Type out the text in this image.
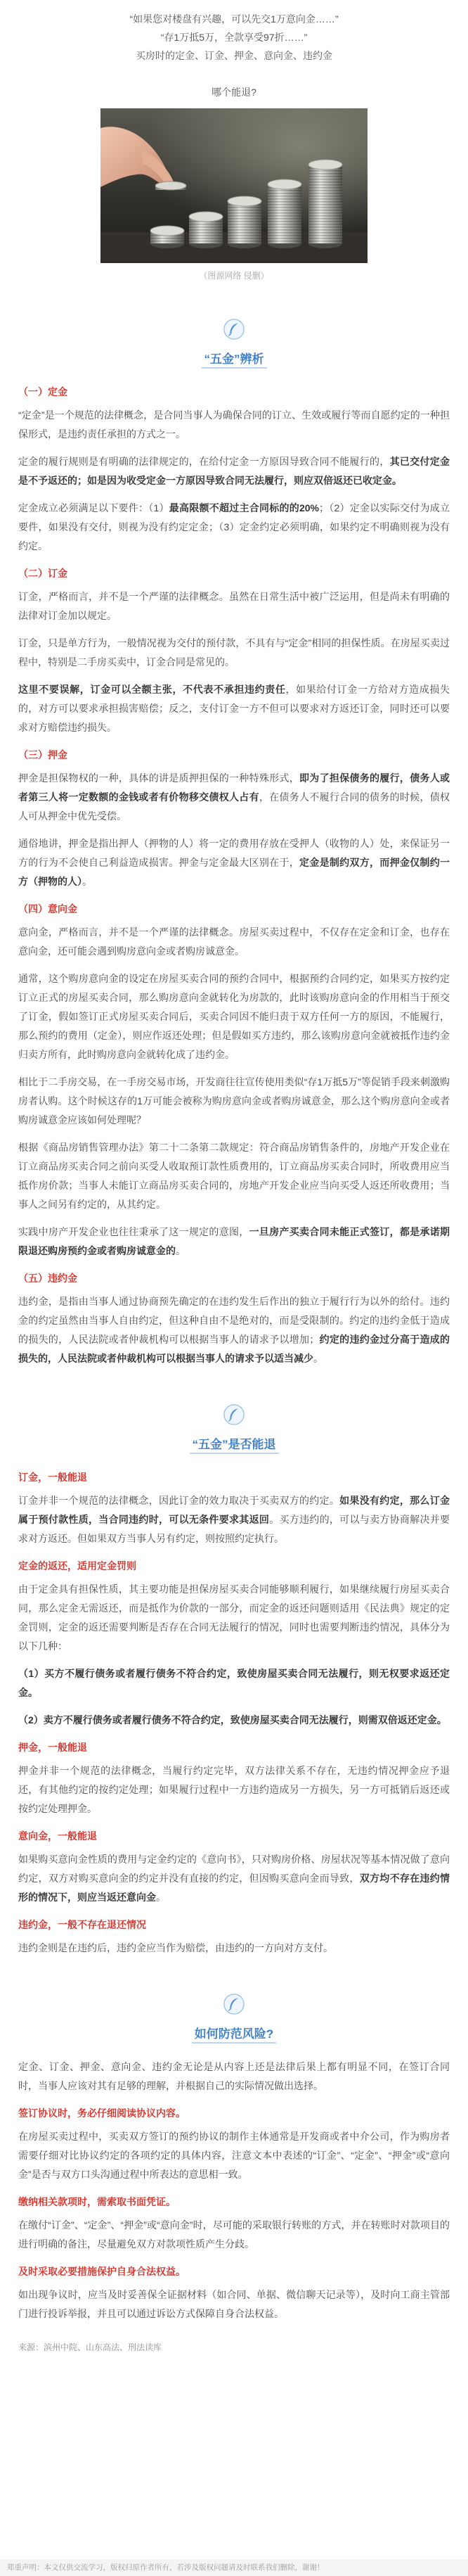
“如果您对楼盘有兴趣，可以先交1万意向金……”

“存1万抵5万，全款享受97折……”

买房时的定金、订金、押金、意向金、违约金

哪个能退?

（图源网络 侵删）
“五金”辨析
（一）定金

“定金”是一个规范的法律概念，是合同当事人为确保合同的订立、生效或履行等而自愿约定的一种担保形式，是违约责任承担的方式之一。

定金的履行规则是有明确的法律规定的，在给付定金一方原因导致合同不能履行的，其已交付定金是不予返还的；如是因为收受定金一方原因导致合同无法履行，则应双倍返还已收定金。

定金成立必须满足以下要件：（1）最高限额不超过主合同标的的20%；（2）定金以实际交付为成立要件，如果没有交付，则视为没有约定定金；（3）定金约定必须明确，如果约定不明确则视为没有约定。

（二）订金

订金，严格而言，并不是一个严谨的法律概念。虽然在日常生活中被广泛运用，但是尚未有明确的法律对订金加以规定。

订金，只是单方行为，一般情况视为交付的预付款，不具有与“定金”相同的担保性质。在房屋买卖过程中，特别是二手房买卖中，订金合同是常见的。

这里不要误解，订金可以全额主张，不代表不承担违约责任，如果给付订金一方给对方造成损失的，对方可以要求承担损害赔偿；反之，支付订金一方不但可以要求对方返还订金，同时还可以要求对方赔偿违约损失。

（三）押金

押金是担保物权的一种，具体的讲是质押担保的一种特殊形式，即为了担保债务的履行，债务人或者第三人将一定数额的金钱或者有价物移交债权人占有，在债务人不履行合同的债务的时候，债权人可从押金中优先受偿。

通俗地讲，押金是指出押人（押物的人）将一定的费用存放在受押人（收物的人）处，来保证另一方的行为不会使自己利益造成损害。押金与定金最大区别在于，定金是制约双方，而押金仅制约一方（押物的人）。

（四）意向金

意向金，严格而言，并不是一个严谨的法律概念。房屋买卖过程中，不仅存在定金和订金，也存在意向金，还可能会遇到购房意向金或者购房诚意金。

通常，这个购房意向金的设定在房屋买卖合同的预约合同中，根据预约合同约定，如果买方按约定订立正式的房屋买卖合同，那么购房意向金就转化为房款的，此时该购房意向金的作用相当于预交了订金，假如签订正式房屋买卖合同后，买卖合同因不能归责于双方任何一方的原因，不能履行，那么预约的费用（定金），则应作返还处理；但是假如买方违约，那么该购房意向金就被抵作违约金归卖方所有，此时购房意向金就转化成了违约金。

相比于二手房交易，在一手房交易市场，开发商往往宣传使用类似“存1万抵5万”等促销手段来刺激购房者认购。这个时候这存的1万可能会被称为购房意向金或者购房诚意金，那么这个购房意向金或者购房诚意金应该如何处理呢？

根据《商品房销售管理办法》第二十二条第二款规定：符合商品房销售条件的，房地产开发企业在订立商品房买卖合同之前向买受人收取预订款性质费用的，订立商品房买卖合同时，所收费用应当抵作房价款；当事人未能订立商品房买卖合同的，房地产开发企业应当向买受人返还所收费用；当事人之间另有约定的，从其约定。

实践中房产开发企业也往往秉承了这一规定的意图，一旦房产买卖合同未能正式签订，都是承诺期限退还购房预约金或者购房诚意金的。

（五）违约金

违约金，是指由当事人通过协商预先确定的在违约发生后作出的独立于履行行为以外的给付。违约金的约定虽然由当事人自由约定，但这种自由不是绝对的，而是受限制的。约定的违约金低于造成的损失的，人民法院或者仲裁机构可以根据当事人的请求予以增加；约定的违约金过分高于造成的损失的，人民法院或者仲裁机构可以根据当事人的请求予以适当减少。

“五金”是否能退
订金，一般能退

订金并非一个规范的法律概念，因此订金的效力取决于买卖双方的约定。如果没有约定，那么订金属于预付款性质，当合同违约时，可以无条件要求其返回。买方违约的，可以与卖方协商解决并要求对方返还。但如果双方当事人另有约定，则按照约定执行。

定金的返还，适用定金罚则

由于定金具有担保性质，其主要功能是担保房屋买卖合同能够顺利履行，如果继续履行房屋买卖合同，那么定金无需返还，而是抵作为价款的一部分，而定金的返还问题则适用《民法典》规定的定金罚则，定金的返还需要判断是否存在合同无法履行的情况，同时也需要判断违约情况，具体分为以下几种：

（1）买方不履行债务或者履行债务不符合约定，致使房屋买卖合同无法履行，则无权要求返还定金。

（2）卖方不履行债务或者履行债务不符合约定，致使房屋买卖合同无法履行，则需双倍返还定金。

押金，一般能退

押金并非一个规范的法律概念，当履行约定完毕，双方法律关系不存在，无违约情况押金应予退还，有其他约定的按约定处理；如果履行过程中一方违约造成另一方损失，另一方可抵销后返还或按约定处理押金。

意向金，一般能退

如果购买意向金性质的费用与定金约定的《意向书》，只对购房价格、房屋状况等基本情况做了意向约定，双方对购买意向金的约定并没有直接的约定，但因购买意向金而导致，双方均不存在违约情形的情况下，则应当返还意向金。

违约金，一般不存在退还情况

违约金则是在违约后，违约金应当作为赔偿，由违约的一方向对方支付。

如何防范风险?

定金、订金、押金、意向金、违约金无论是从内容上还是法律后果上都有明显不同，在签订合同时，当事人应该对其有足够的理解，并根据自己的实际情况做出选择。

签订协议时，务必仔细阅读协议内容。

在房屋买卖过程中，买卖双方签订的预约协议的制作主体通常是开发商或者中介公司，作为购房者需要仔细对比协议约定的各项约定的具体内容，注意文本中表述的“订金”、“定金”、“押金”或“意向金”是否与双方口头沟通过程中所表达的意思相一致。

缴纳相关款项时，需索取书面凭证。

在缴付“订金”、“定金”、“押金”或“意向金”时，尽可能的采取银行转账的方式，并在转账时对款项目的进行明确的备注，尽量避免双方对款项性质产生分歧。

及时采取必要措施保护自身合法权益。

如出现争议时，应当及时妥善保全证据材料（如合同、单据、微信聊天记录等），及时向工商主管部门进行投诉举报，并且可以通过诉讼方式保障自身合法权益。

来源：滨州中院、山东高法、刑法读库
郑重声明：本文仅供交流学习，版权归原作者所有，若涉及版权问题请及时联系我们删除，谢谢！
